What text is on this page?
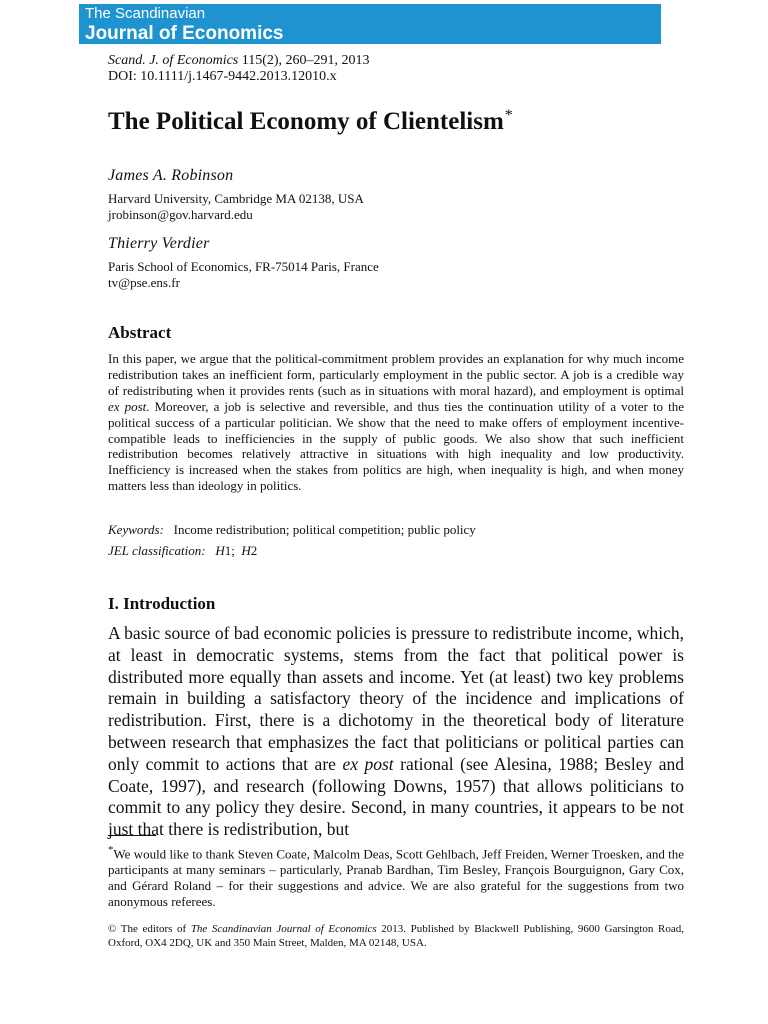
The Scandinavian
Journal of Economics
Scand. J. of Economics 115(2), 260–291, 2013
DOI: 10.1111/j.1467-9442.2013.12010.x
The Political Economy of Clientelism*
James A. Robinson
Harvard University, Cambridge MA 02138, USA
jrobinson@gov.harvard.edu
Thierry Verdier
Paris School of Economics, FR-75014 Paris, France
tv@pse.ens.fr
Abstract

In this paper, we argue that the political-commitment problem provides an explanation for why much income redistribution takes an inefficient form, particularly employment in the public sector. A job is a credible way of redistributing when it provides rents (such as in situations with moral hazard), and employment is optimal ex post. Moreover, a job is selective and reversible, and thus ties the continuation utility of a voter to the political success of a particular politician. We show that the need to make offers of employment incentive-compatible leads to inefficiencies in the supply of public goods. We also show that such inefficient redistribution becomes relatively attractive in situations with high inequality and low productivity. Inefficiency is increased when the stakes from politics are high, when inequality is high, and when money matters less than ideology in politics.

Keywords: Income redistribution; political competition; public policy
JEL classification: H1;  H2
I. Introduction

A basic source of bad economic policies is pressure to redistribute income, which, at least in democratic systems, stems from the fact that political power is distributed more equally than assets and income. Yet (at least) two key problems remain in building a satisfactory theory of the incidence and implications of redistribution. First, there is a dichotomy in the theoretical body of literature between research that emphasizes the fact that politicians or political parties can only commit to actions that are ex post rational (see Alesina, 1988; Besley and Coate, 1997), and research (following Downs, 1957) that allows politicians to commit to any policy they desire. Second, in many countries, it appears to be not just that there is redistribution, but

*We would like to thank Steven Coate, Malcolm Deas, Scott Gehlbach, Jeff Freiden, Werner Troesken, and the participants at many seminars – particularly, Pranab Bardhan, Tim Besley, François Bourguignon, Gary Cox, and Gérard Roland – for their suggestions and advice. We are also grateful for the suggestions from two anonymous referees.

© The editors of The Scandinavian Journal of Economics 2013. Published by Blackwell Publishing, 9600 Garsington Road, Oxford, OX4 2DQ, UK and 350 Main Street, Malden, MA 02148, USA.
